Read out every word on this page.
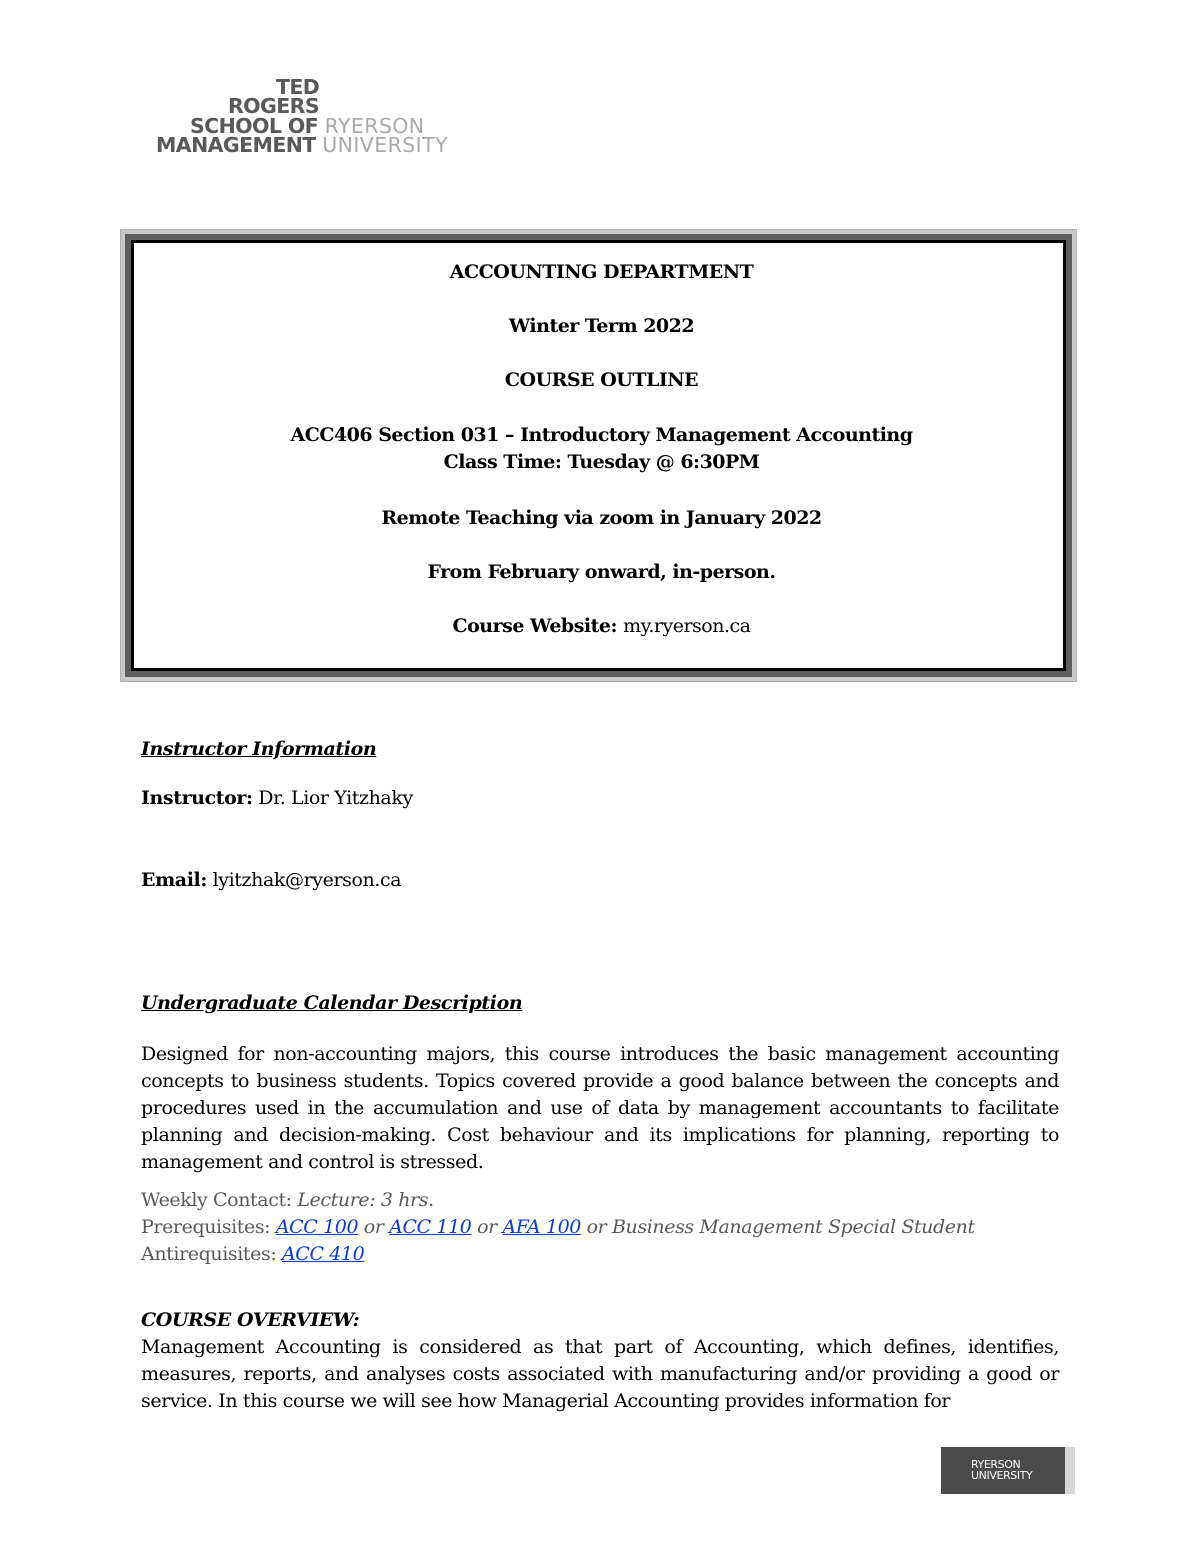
TED
ROGERS
SCHOOL OF RYERSON
MANAGEMENT UNIVERSITY
ACCOUNTING DEPARTMENT
Winter Term 2022
COURSE OUTLINE
ACC406 Section 031 – Introductory Management Accounting
Class Time: Tuesday @ 6:30PM
Remote Teaching via zoom in January 2022
From February onward, in-person.
Course Website: my.ryerson.ca
Instructor Information
Instructor: Dr. Lior Yitzhaky
Email: lyitzhak@ryerson.ca
Undergraduate Calendar Description
Designed for non-accounting majors, this course introduces the basic management accounting concepts to business students. Topics covered provide a good balance between the concepts and procedures used in the accumulation and use of data by management accountants to facilitate planning and decision-making. Cost behaviour and its implications for planning, reporting to management and control is stressed.
Weekly Contact: Lecture: 3 hrs.
Prerequisites: ACC 100 or ACC 110 or AFA 100 or Business Management Special Student
Antirequisites: ACC 410
COURSE OVERVIEW:
Management Accounting is considered as that part of Accounting, which defines, identifies, measures, reports, and analyses costs associated with manufacturing and/or providing a good or service. In this course we will see how Managerial Accounting provides information for
RYERSON
UNIVERSITY
